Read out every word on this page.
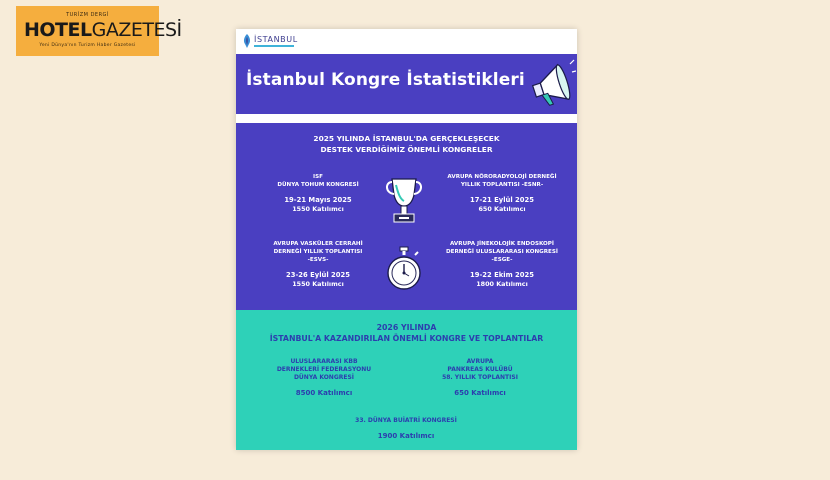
TURİZM DERGİ
HOTELGAZETESİ
Yeni Dünya'nın Turizm Haber Gazetesi
İSTANBUL
İstanbul Kongre İstatistikleri
2025 YILINDA İSTANBUL'DA GERÇEKLEŞECEK
DESTEK VERDİĞİMİZ ÖNEMLİ KONGRELER
ISF
DÜNYA TOHUM KONGRESİ
19-21 Mayıs 2025
1550 Katılımcı
AVRUPA NÖRORADYOLOJİ DERNEĞİ
YILLIK TOPLANTISI -ESNR-
17-21 Eylül 2025
650 Katılımcı
AVRUPA VASKÜLER CERRAHİ
DERNEĞİ YILLIK TOPLANTISI
-ESVS-
23-26 Eylül 2025
1550 Katılımcı
AVRUPA JİNEKOLOJİK ENDOSKOPİ
DERNEĞİ ULUSLARARASI KONGRESİ
-ESGE-
19-22 Ekim 2025
1800 Katılımcı
2026 YILINDA
İSTANBUL'A KAZANDIRILAN ÖNEMLİ KONGRE VE TOPLANTILAR
ULUSLARARASI KBB
DERNEKLERİ FEDERASYONU
DÜNYA KONGRESİ
8500 Katılımcı
AVRUPA
PANKREAS KULÜBÜ
58. YILLIK TOPLANTISI
650 Katılımcı
33. DÜNYA BUİATRİ KONGRESİ
1900 Katılımcı
